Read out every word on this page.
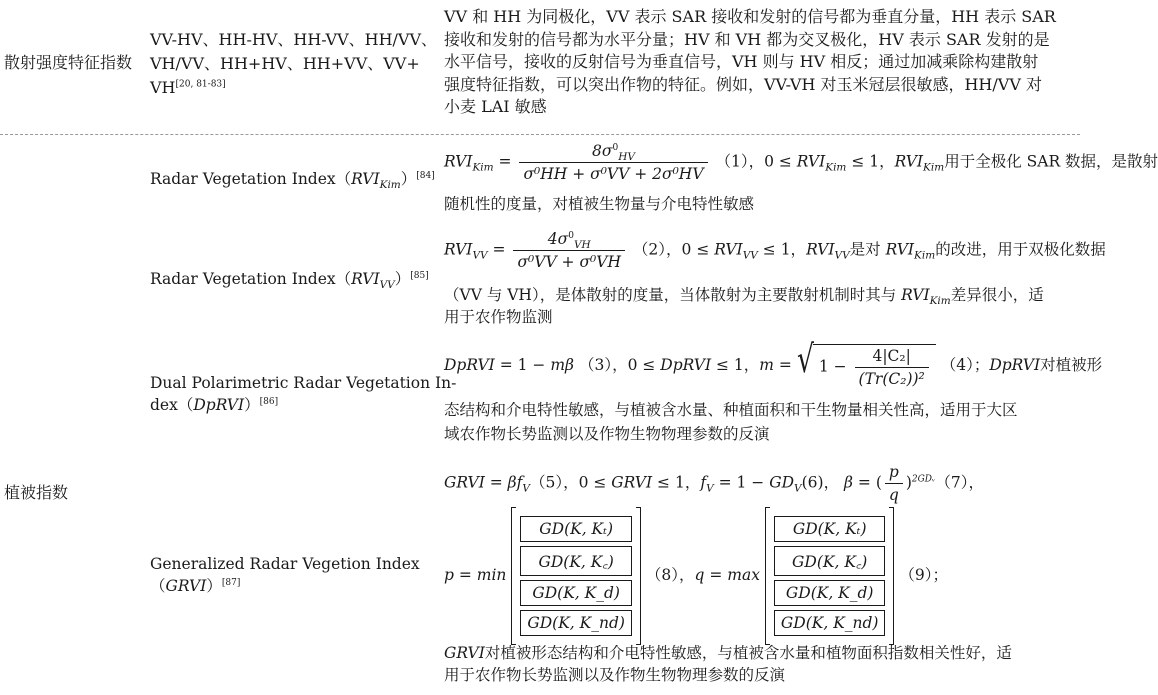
散射强度特征指数
VV-HV、HH-HV、HH-VV、HH/VV、
VH/VV、HH+HV、HH+VV、VV+
VH[20, 81-83]
VV 和 HH 为同极化，VV 表示 SAR 接收和发射的信号都为垂直分量，HH 表示 SAR
接收和发射的信号都为水平分量；HV 和 VH 都为交叉极化，HV 表示 SAR 发射的是
水平信号，接收的反射信号为垂直信号，VH 则与 HV 相反；通过加减乘除构建散射
强度特征指数，可以突出作物的特征。例如，VV-VH 对玉米冠层很敏感，HH/VV 对
小麦 LAI 敏感
植被指数
Radar Vegetation $Index(RVI_{Kim})[84]$
$RVI_{Kim} = \frac{8\sigma^0_{HV}}{\text{σ⁰HH + σ⁰VV + 2σ⁰HV}} (1)$，$0 \le RVI_{Kim} \le 1$，$RVI_{Kim}$用于全极化 SAR 数据，是散射
随机性的度量，对植被生物量与介电特性敏感
Radar Vegetation $Index(RVI_{VV})[85]$
$RVI_{VV} = \frac{4\sigma^0_{VH}}{\text{σ⁰VV + σ⁰VH}} (2)$，$0 \le RVI_{VV} \le 1$，$RVI_{VV}$是对 $RVI_{Kim}$的改进，用于双极化数据
（VV 与 VH），是体散射的度量，当体散射为主要散射机制时其与 $RVI_{Kim}$差异很小，适
用于农作物监测
Dual Polarimetric Radar Vegetation In-
dex（DpRVI）[86]
DpRVI = 1 − mβ （3），0 ≤ DpRVI ≤ 1，m = √ $1 - \frac{\text{4|C₂|}}{\text{(Tr(C₂))²}} (4)$；DpRVI对植被形
态结构和介电特性敏感，与植被含水量、种植面积和干生物量相关性高，适用于大区
域农作物长势监测以及作物生物物理参数的反演
Generalized Radar Vegetion Index
（GRVI）[87]
GRVI = $\beta f_V(5)$，0 ≤ GRVI ≤ 1，$f_V = 1 - GD_V(6)$， β = ( $\frac{p}{q} )^{2GDᵥ}(7)$，
p = min
GD(K, Kₜ)
GD(K, K꜀)
GD(K, K_d)
GD(K, K_nd)
（8），q = max
GD(K, Kₜ)
GD(K, K꜀)
GD(K, K_d)
GD(K, K_nd)
（9）；
GRVI对植被形态结构和介电特性敏感，与植被含水量和植物面积指数相关性好，适
用于农作物长势监测以及作物生物物理参数的反演
